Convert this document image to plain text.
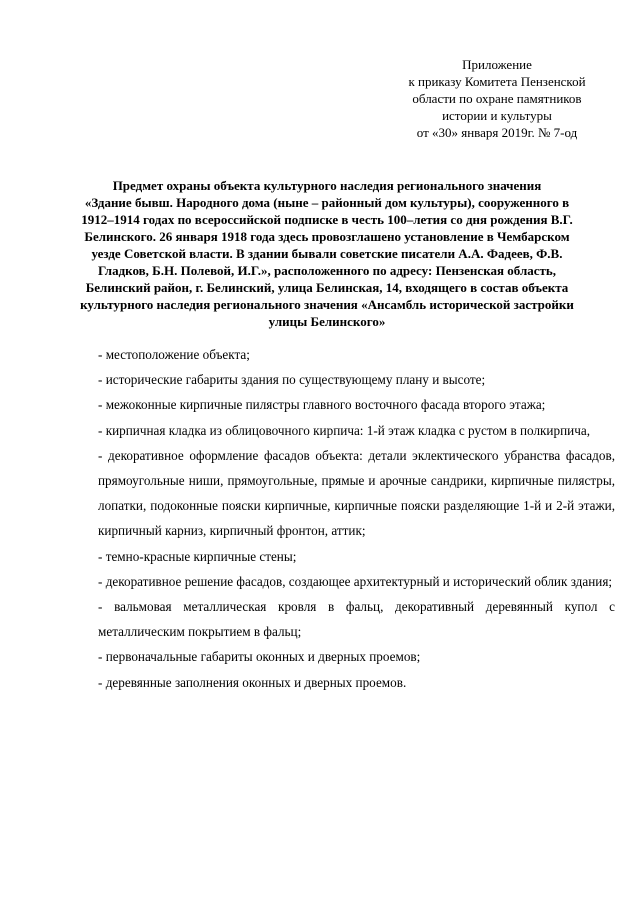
Приложение
к приказу Комитета Пензенской
области по охране памятников
истории и культуры
от «30» января 2019г. № 7-од
Предмет охраны объекта культурного наследия регионального значения
«Здание бывш. Народного дома (ныне – районный дом культуры), сооруженного в
1912–1914 годах по всероссийской подписке в честь 100–летия со дня рождения В.Г.
Белинского. 26 января 1918 года здесь провозглашено установление в Чембарском
уезде Советской власти. В здании бывали советские писатели А.А. Фадеев, Ф.В.
Гладков, Б.Н. Полевой, И.Г.», расположенного по адресу: Пензенская область,
Белинский район, г. Белинский, улица Белинская, 14, входящего в состав объекта
культурного наследия регионального значения «Ансамбль исторической застройки
улицы Белинского»

- местоположение объекта;

- исторические габариты здания по существующему плану и высоте;

- межоконные кирпичные пилястры главного восточного фасада второго этажа;

- кирпичная кладка из облицовочного кирпича: 1-й этаж кладка с рустом в полкирпича,

- декоративное оформление фасадов объекта: детали эклектического убранства фасадов, прямоугольные ниши, прямоугольные, прямые и арочные сандрики, кирпичные пилястры, лопатки, подоконные пояски кирпичные, кирпичные пояски разделяющие 1-й и 2-й этажи, кирпичный карниз, кирпичный фронтон, аттик;

- темно-красные кирпичные стены;

- декоративное решение фасадов, создающее архитектурный и исторический облик здания;

- вальмовая металлическая кровля в фальц, декоративный деревянный купол с металлическим покрытием в фальц;

- первоначальные габариты оконных и дверных проемов;

- деревянные заполнения оконных и дверных проемов.
